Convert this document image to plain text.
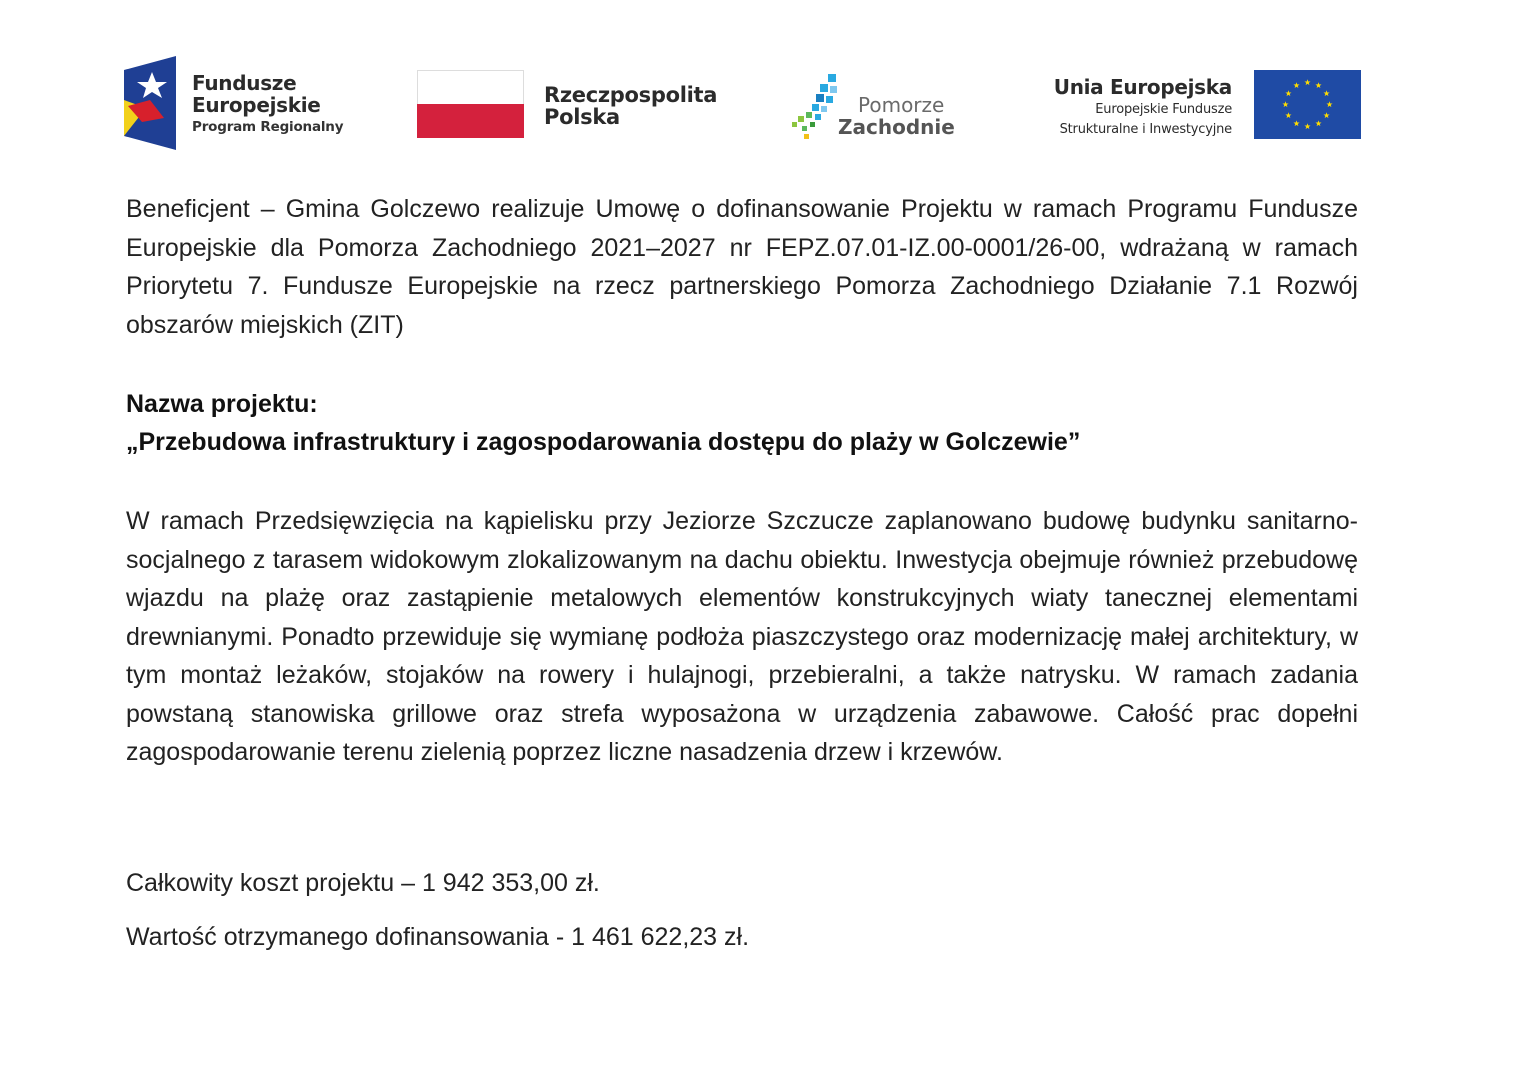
Fundusze
Europejskie
Program Regionalny
Rzeczpospolita
Polska	Pomorze
Zachodnie
Unia Europejska
Europejskie Fundusze
Strukturalne i Inwestycyjne

Beneficjent – Gmina Golczewo realizuje Umowę o dofinansowanie Projektu w ramach Programu Fundusze Europejskie dla Pomorza Zachodniego 2021–2027 nr FEPZ.07.01-IZ.00-0001/26-00, wdrażaną w ramach Priorytetu 7. Fundusze Europejskie na rzecz partnerskiego Pomorza Zachodniego Działanie 7.1 Rozwój obszarów miejskich (ZIT)

Nazwa projektu:
„Przebudowa infrastruktury i zagospodarowania dostępu do plaży w Golczewie”

W ramach Przedsięwzięcia na kąpielisku przy Jeziorze Szczucze zaplanowano budowę budynku sanitarno-socjalnego z tarasem widokowym zlokalizowanym na dachu obiektu. Inwestycja obejmuje również przebudowę wjazdu na plażę oraz zastąpienie metalowych elementów konstrukcyjnych wiaty tanecznej elementami drewnianymi. Ponadto przewiduje się wymianę podłoża piaszczystego oraz modernizację małej architektury, w tym montaż leżaków, stojaków na rowery i hulajnogi, przebieralni, a także natrysku. W ramach zadania powstaną stanowiska grillowe oraz strefa wyposażona w urządzenia zabawowe. Całość prac dopełni zagospodarowanie terenu zielenią poprzez liczne nasadzenia drzew i krzewów.

Całkowity koszt projektu – 1 942 353,00 zł.
Wartość otrzymanego dofinansowania - 1 461 622,23 zł.
